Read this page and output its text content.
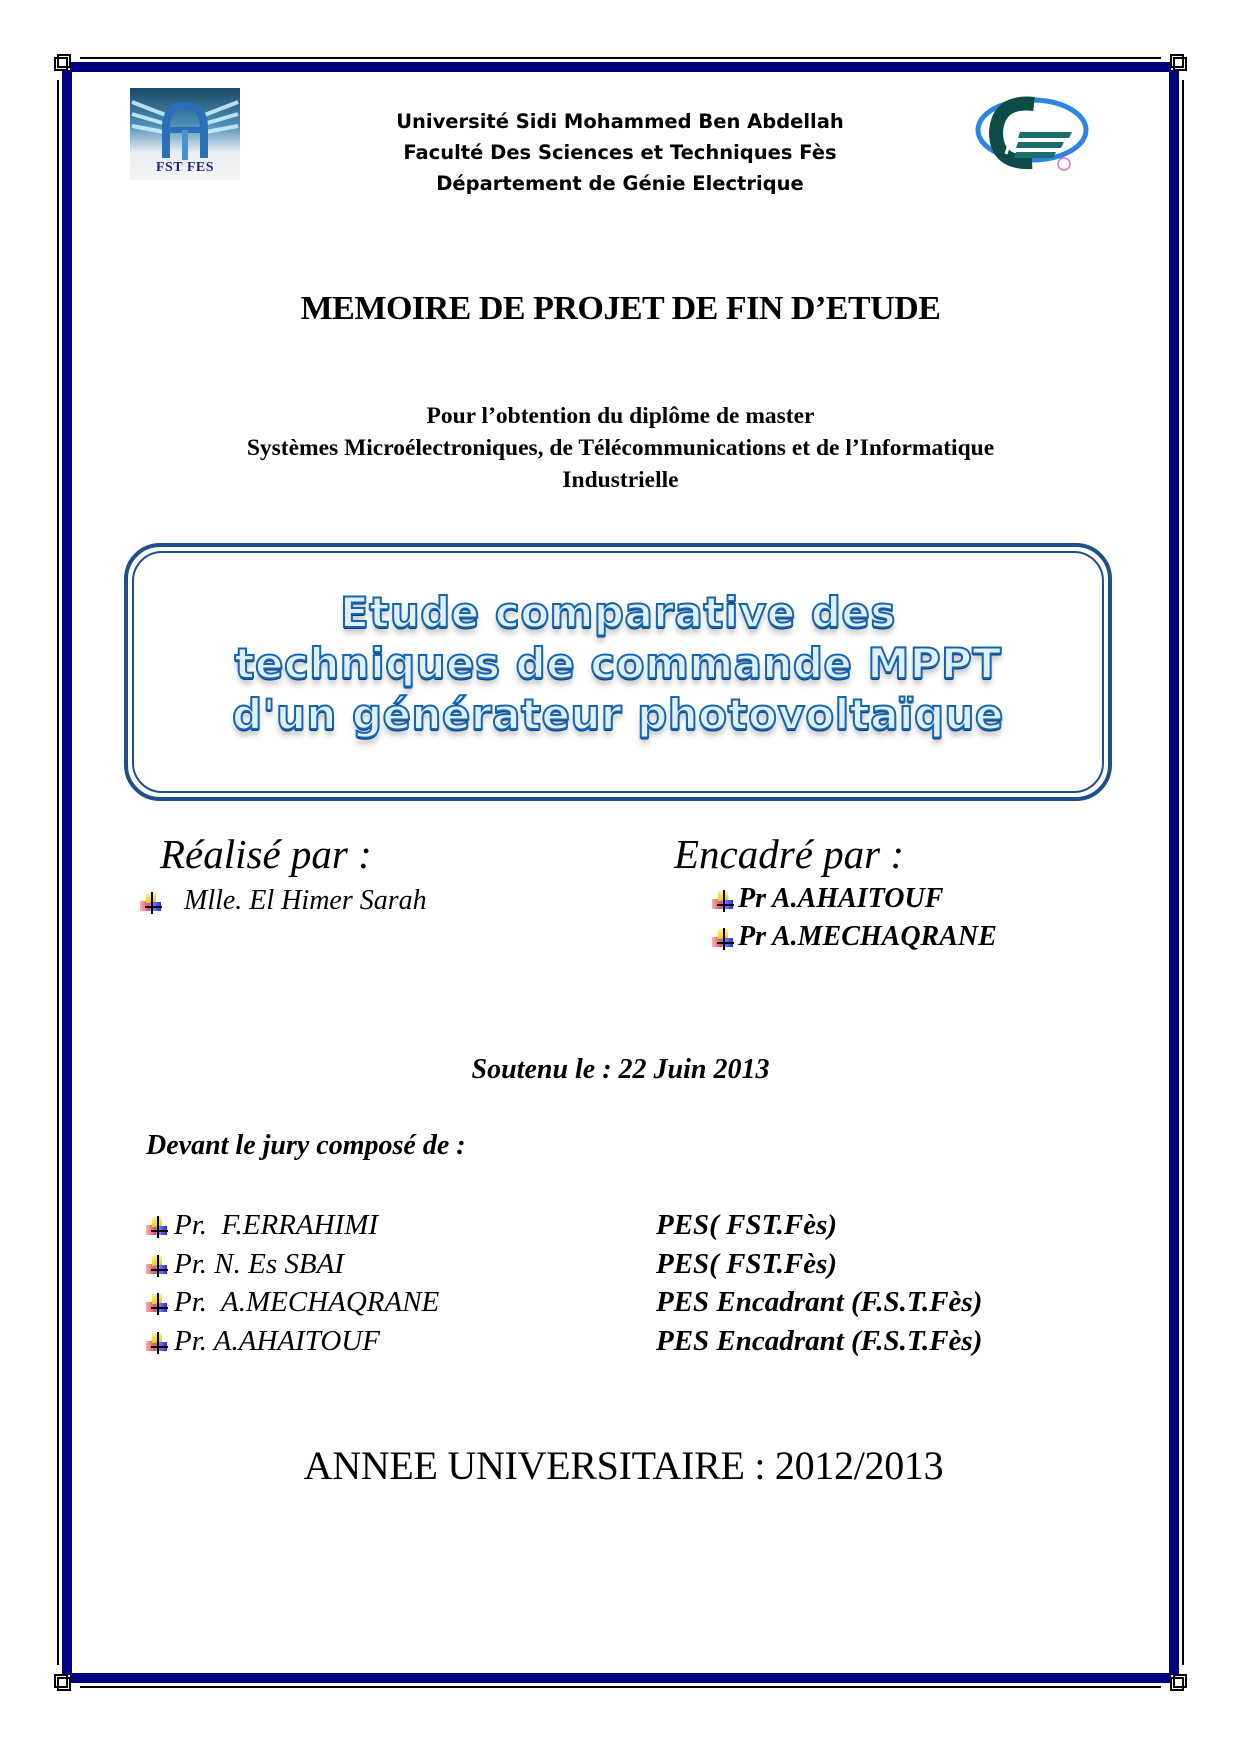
FST FES
Université Sidi Mohammed Ben Abdellah
Faculté Des Sciences et Techniques Fès
Département de Génie Electrique
MEMOIRE DE PROJET DE FIN D’ETUDE
Pour l’obtention du diplôme de master
Systèmes Microélectroniques, de Télécommunications et de l’Informatique
Industrielle
Etude comparative des
techniques de commande MPPT
d'un générateur photovoltaïque
Réalisé par :
Mlle. El Himer Sarah
Encadré par :
Pr A.AHAITOUF
Pr A.MECHAQRANE
Soutenu le : 22 Juin 2013
Devant le jury composé de :
Pr.  F.ERRAHIMI	PES( FST.Fès)
Pr. N. Es SBAI	PES( FST.Fès)
Pr.  A.MECHAQRANE	PES Encadrant (F.S.T.Fès)
Pr. A.AHAITOUF	PES Encadrant (F.S.T.Fès)
ANNEE UNIVERSITAIRE : 2012/2013
